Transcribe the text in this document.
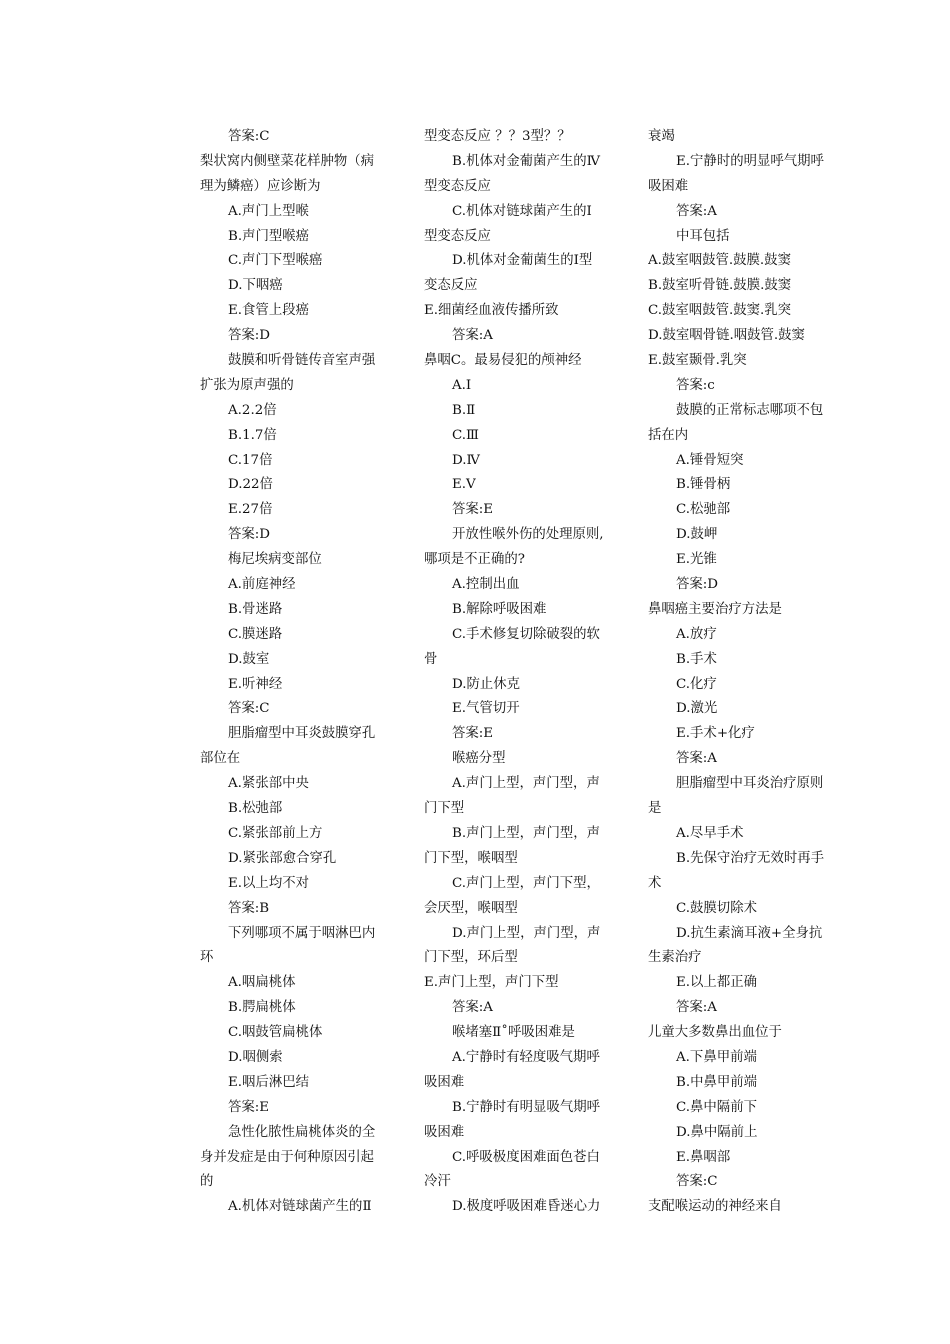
答案:C
梨状窝内侧壁菜花样肿物（病
理为鳞癌）应诊断为
A.声门上型喉
B.声门型喉癌
C.声门下型喉癌
D.下咽癌
E.食管上段癌
答案:D
鼓膜和听骨链传音室声强
扩张为原声强的
A.2.2倍
B.1.7倍
C.17倍
D.22倍
E.27倍
答案:D
梅尼埃病变部位
A.前庭神经
B.骨迷路
C.膜迷路
D.鼓室
E.听神经
答案:C
胆脂瘤型中耳炎鼓膜穿孔
部位在
A.紧张部中央
B.松弛部
C.紧张部前上方
D.紧张部愈合穿孔
E.以上均不对
答案:B
下列哪项不属于咽淋巴内
环
A.咽扁桃体
B.腭扁桃体
C.咽鼓管扁桃体
D.咽侧索
E.咽后淋巴结
答案:E
急性化脓性扁桃体炎的全
身并发症是由于何种原因引起
的
A.机体对链球菌产生的Ⅱ
型变态反应 ？？3型？？
B.机体对金葡菌产生的Ⅳ
型变态反应
C.机体对链球菌产生的Ⅰ
型变态反应
D.机体对金葡菌生的Ⅰ型
变态反应
E.细菌经血液传播所致
答案:A
鼻咽C。最易侵犯的颅神经
A.Ⅰ
B.Ⅱ
C.Ⅲ
D.Ⅳ
E.Ⅴ
答案:E
开放性喉外伤的处理原则,
哪项是不正确的?
A.控制出血
B.解除呼吸困难
C.手术修复切除破裂的软
骨
D.防止休克
E.气管切开
答案:E
喉癌分型
A.声门上型，声门型，声
门下型
B.声门上型，声门型，声
门下型，喉咽型
C.声门上型，声门下型，
会厌型，喉咽型
D.声门上型，声门型，声
门下型，环后型
E.声门上型，声门下型
答案:A
喉堵塞Ⅱ˚呼吸困难是
A.宁静时有轻度吸气期呼
吸困难
B.宁静时有明显吸气期呼
吸困难
C.呼吸极度困难面色苍白
冷汗
D.极度呼吸困难昏迷心力
衰竭
E.宁静时的明显呼气期呼
吸困难
答案:A
中耳包括
A.鼓室咽鼓管.鼓膜.鼓窦
B.鼓室听骨链.鼓膜.鼓窦
C.鼓室咽鼓管.鼓窦.乳突
D.鼓室咽骨链.咽鼓管.鼓窦
E.鼓室颞骨.乳突
答案:c
鼓膜的正常标志哪项不包
括在内
A.锤骨短突
B.锤骨柄
C.松驰部
D.鼓岬
E.光锥
答案:D
鼻咽癌主要治疗方法是
A.放疗
B.手术
C.化疗
D.激光
E.手术+化疗
答案:A
胆脂瘤型中耳炎治疗原则
是
A.尽早手术
B.先保守治疗无效时再手
术
C.鼓膜切除术
D.抗生素滴耳液+全身抗
生素治疗
E.以上都正确
答案:A
儿童大多数鼻出血位于
A.下鼻甲前端
B.中鼻甲前端
C.鼻中隔前下
D.鼻中隔前上
E.鼻咽部
答案:C
支配喉运动的神经来自
